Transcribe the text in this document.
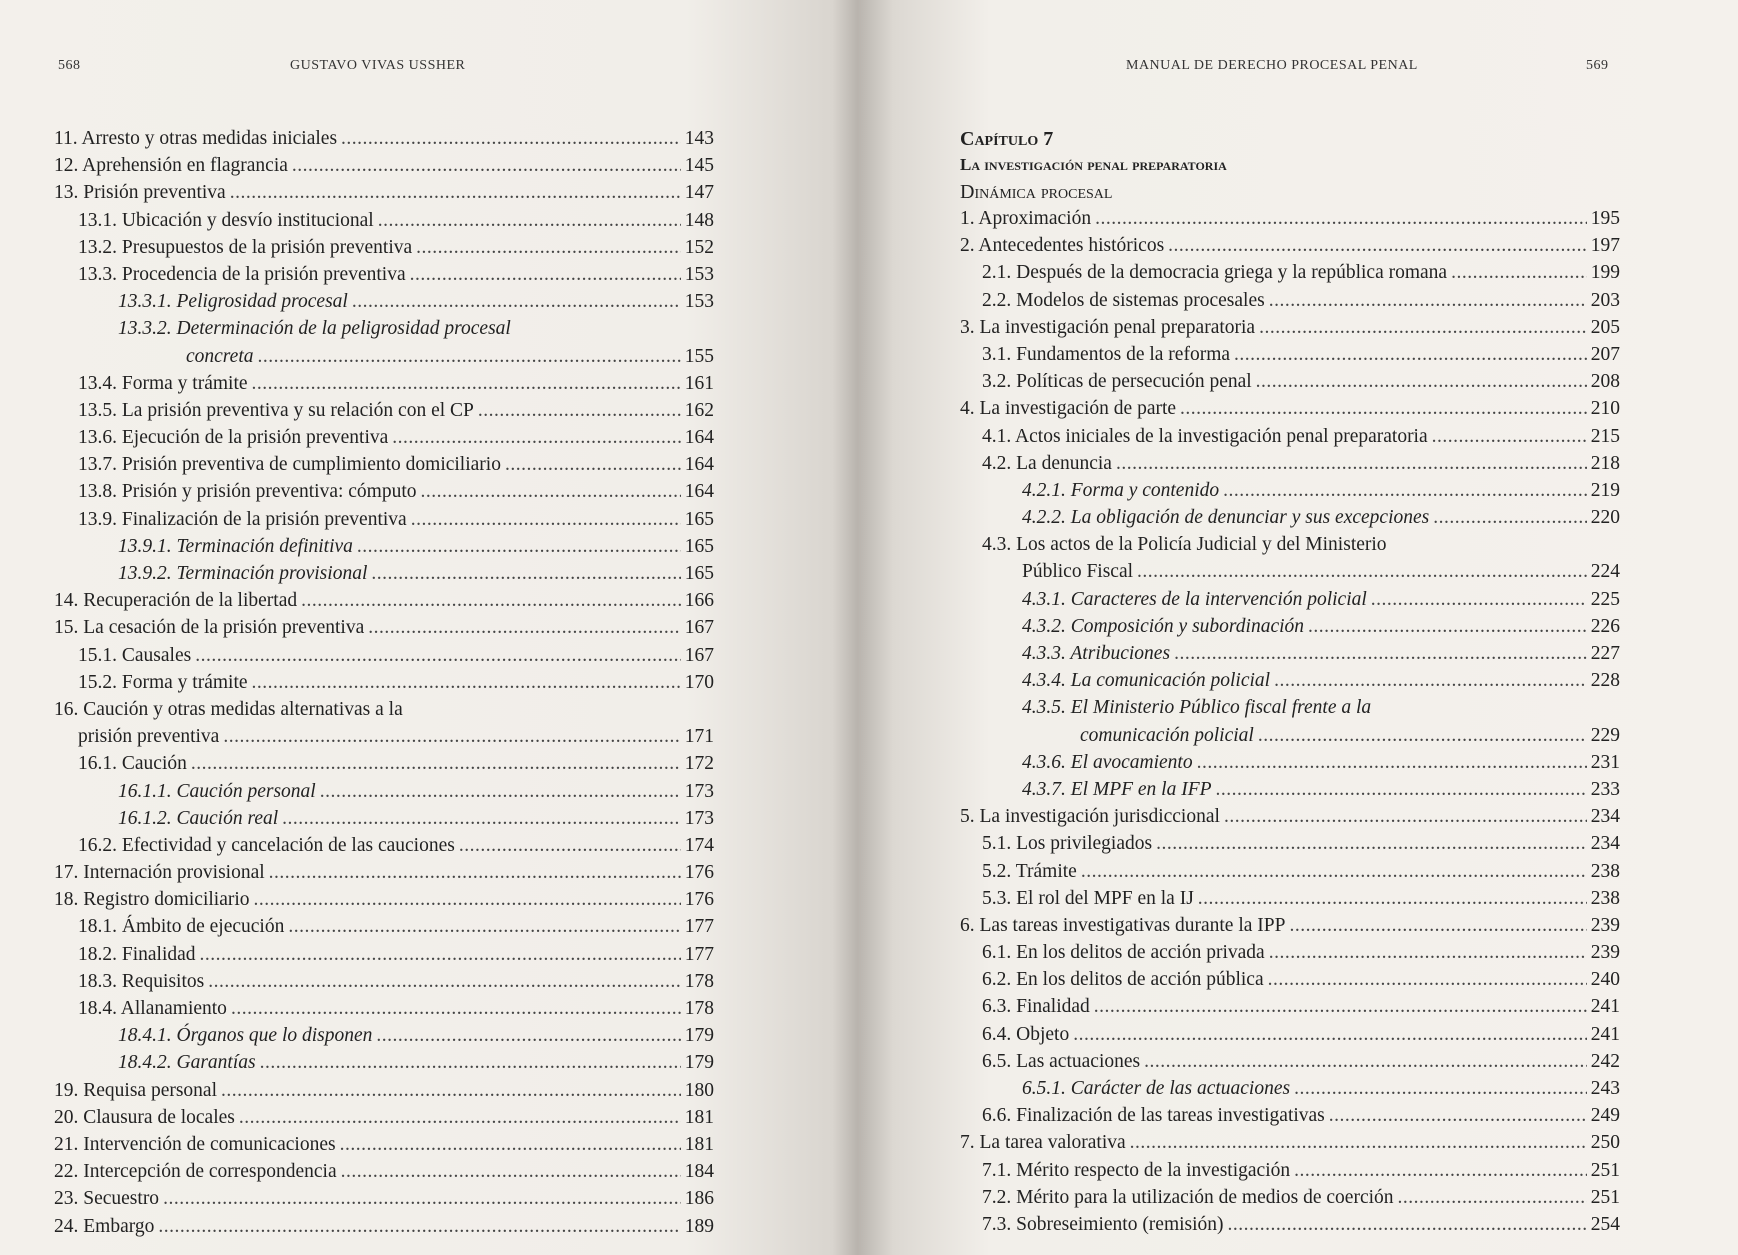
568	GUSTAVO VIVAS USSHER
11. Arresto y otras medidas iniciales .....	143
12. Aprehensión en flagrancia .....	145
13. Prisión preventiva .....	147
13.1. Ubicación y desvío institucional .....	148
13.2. Presupuestos de la prisión preventiva .....	152
13.3. Procedencia de la prisión preventiva .....	153
13.3.1. Peligrosidad procesal .....	153
13.3.2. Determinación de la peligrosidad procesal
concreta .....	155
13.4. Forma y trámite .....	161
13.5. La prisión preventiva y su relación con el CP .....	162
13.6. Ejecución de la prisión preventiva .....	164
13.7. Prisión preventiva de cumplimiento domiciliario .....	164
13.8. Prisión y prisión preventiva: cómputo .....	164
13.9. Finalización de la prisión preventiva .....	165
13.9.1. Terminación definitiva .....	165
13.9.2. Terminación provisional .....	165
14. Recuperación de la libertad .....	166
15. La cesación de la prisión preventiva .....	167
15.1. Causales .....	167
15.2. Forma y trámite .....	170
16. Caución y otras medidas alternativas a la
prisión preventiva .....	171
16.1. Caución .....	172
16.1.1. Caución personal .....	173
16.1.2. Caución real .....	173
16.2. Efectividad y cancelación de las cauciones .....	174
17. Internación provisional .....	176
18. Registro domiciliario .....	176
18.1. Ámbito de ejecución .....	177
18.2. Finalidad .....	177
18.3. Requisitos .....	178
18.4. Allanamiento .....	178
18.4.1. Órganos que lo disponen .....	179
18.4.2. Garantías .....	179
19. Requisa personal .....	180
20. Clausura de locales .....	181
21. Intervención de comunicaciones .....	181
22. Intercepción de correspondencia .....	184
23. Secuestro .....	186
24. Embargo .....	189
MANUAL DE DERECHO PROCESAL PENAL	569
Capítulo 7
La investigación penal preparatoria
Dinámica procesal
1. Aproximación .....	195
2. Antecedentes históricos .....	197
2.1. Después de la democracia griega y la república romana .....	199
2.2. Modelos de sistemas procesales .....	203
3. La investigación penal preparatoria .....	205
3.1. Fundamentos de la reforma .....	207
3.2. Políticas de persecución penal .....	208
4. La investigación de parte .....	210
4.1. Actos iniciales de la investigación penal preparatoria .....	215
4.2. La denuncia .....	218
4.2.1. Forma y contenido .....	219
4.2.2. La obligación de denunciar y sus excepciones .....	220
4.3. Los actos de la Policía Judicial y del Ministerio
Público Fiscal .....	224
4.3.1. Caracteres de la intervención policial .....	225
4.3.2. Composición y subordinación .....	226
4.3.3. Atribuciones .....	227
4.3.4. La comunicación policial .....	228
4.3.5. El Ministerio Público fiscal frente a la
comunicación policial .....	229
4.3.6. El avocamiento .....	231
4.3.7. El MPF en la IFP .....	233
5. La investigación jurisdiccional .....	234
5.1. Los privilegiados .....	234
5.2. Trámite .....	238
5.3. El rol del MPF en la IJ .....	238
6. Las tareas investigativas durante la IPP .....	239
6.1. En los delitos de acción privada .....	239
6.2. En los delitos de acción pública .....	240
6.3. Finalidad .....	241
6.4. Objeto .....	241
6.5. Las actuaciones .....	242
6.5.1. Carácter de las actuaciones .....	243
6.6. Finalización de las tareas investigativas .....	249
7. La tarea valorativa .....	250
7.1. Mérito respecto de la investigación .....	251
7.2. Mérito para la utilización de medios de coerción .....	251
7.3. Sobreseimiento (remisión) .....	254
